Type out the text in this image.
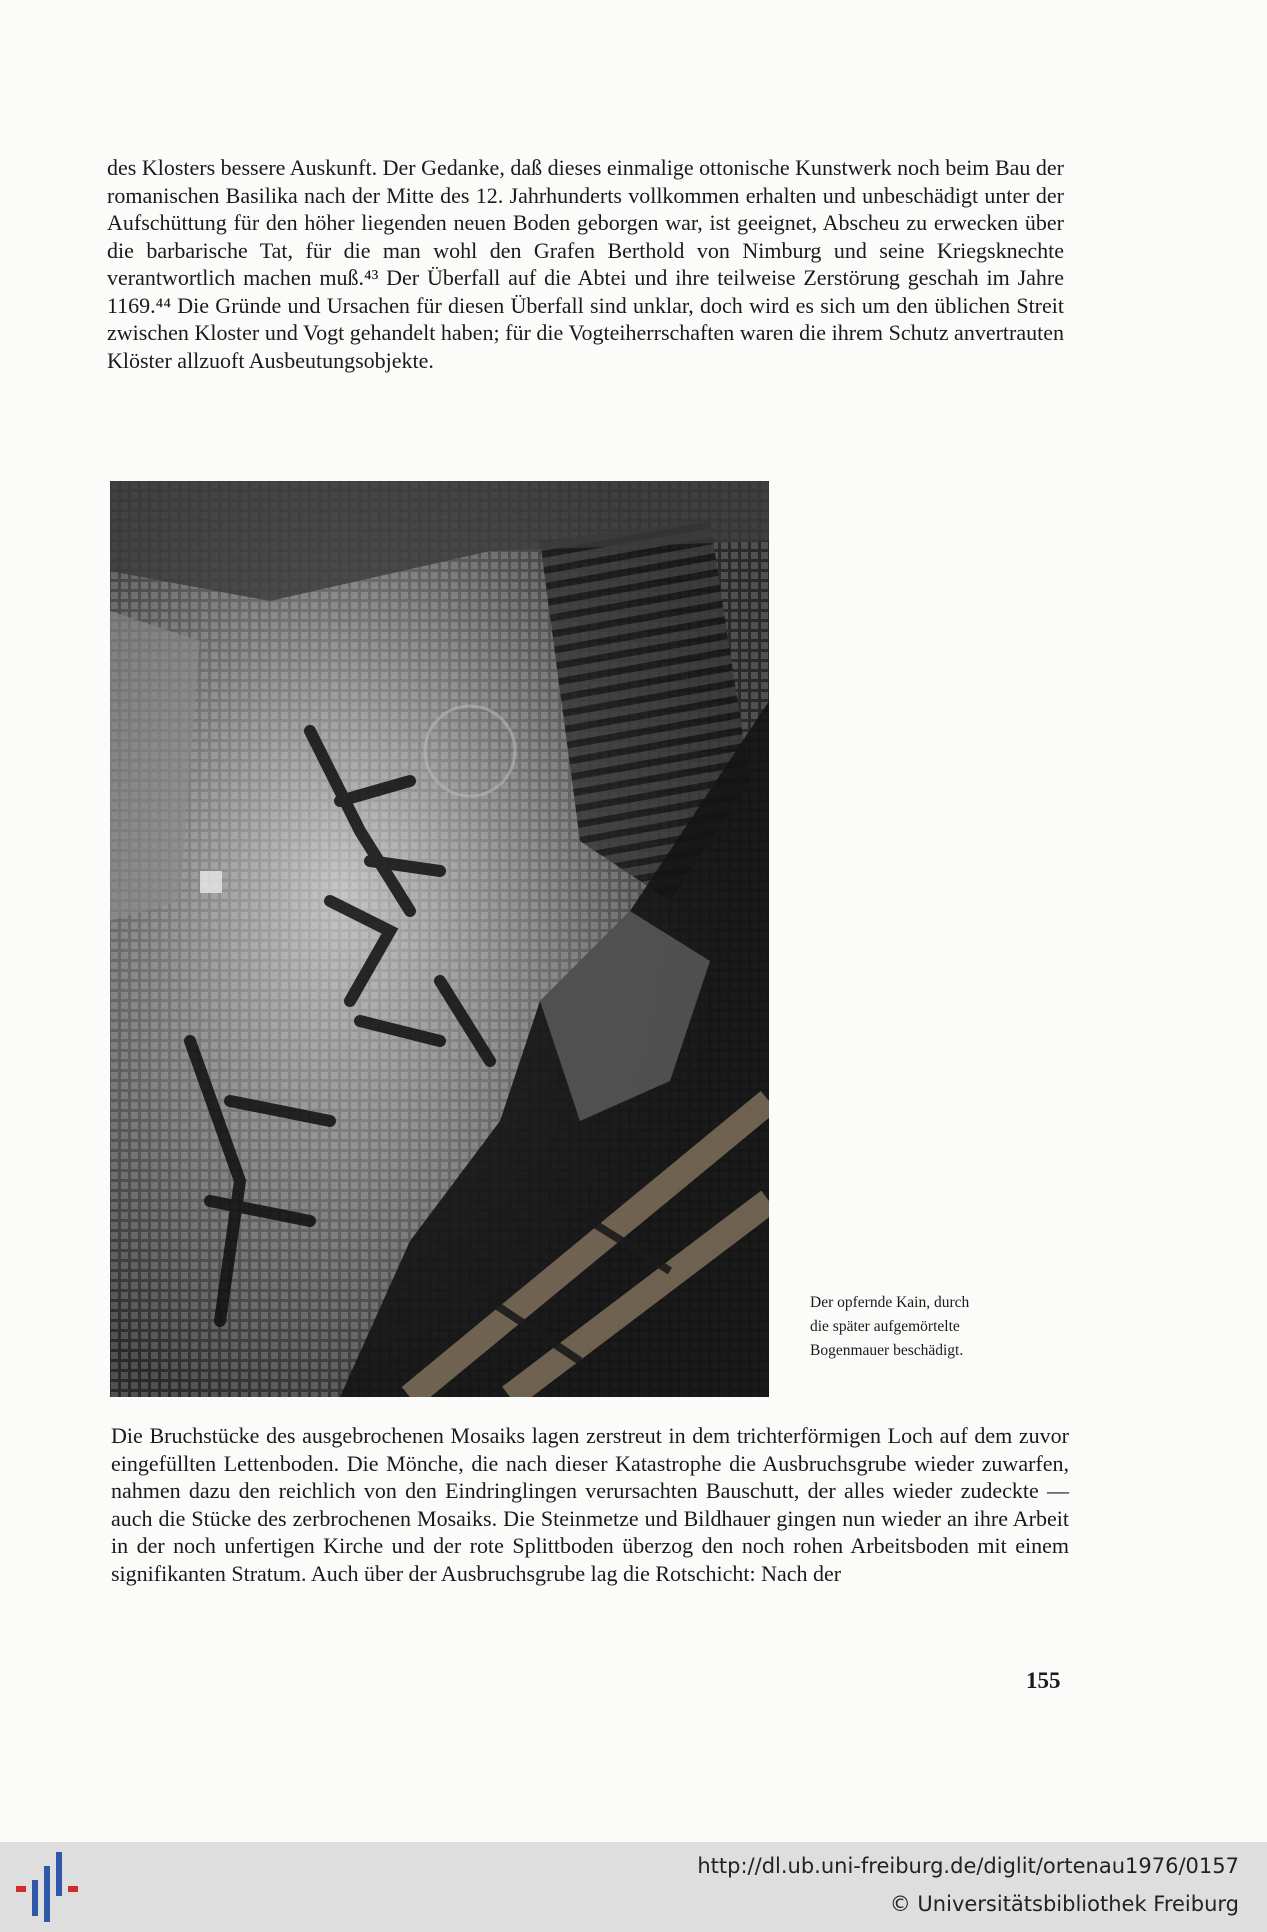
des Klosters bessere Auskunft. Der Gedanke, daß dieses einmalige ottonische Kunstwerk noch beim Bau der romanischen Basilika nach der Mitte des 12. Jahrhunderts vollkommen erhalten und unbeschädigt unter der Aufschüttung für den höher liegenden neuen Boden geborgen war, ist geeignet, Abscheu zu erwecken über die barbarische Tat, für die man wohl den Grafen Berthold von Nimburg und seine Kriegsknechte verantwortlich machen muß.⁴³ Der Überfall auf die Abtei und ihre teilweise Zerstörung geschah im Jahre 1169.⁴⁴ Die Gründe und Ursachen für diesen Überfall sind unklar, doch wird es sich um den üblichen Streit zwischen Kloster und Vogt gehandelt haben; für die Vogteiherrschaften waren die ihrem Schutz anvertrauten Klöster allzuoft Ausbeutungsobjekte.

Der opfernde Kain, durch
die später aufgemörtelte
Bogenmauer beschädigt.

Die Bruchstücke des ausgebrochenen Mosaiks lagen zerstreut in dem trichterförmigen Loch auf dem zuvor eingefüllten Lettenboden. Die Mönche, die nach dieser Katastrophe die Ausbruchsgrube wieder zuwarfen, nahmen dazu den reichlich von den Eindringlingen verursachten Bauschutt, der alles wieder zudeckte — auch die Stücke des zerbrochenen Mosaiks. Die Steinmetze und Bildhauer gingen nun wieder an ihre Arbeit in der noch unfertigen Kirche und der rote Splittboden überzog den noch rohen Arbeitsboden mit einem signifikanten Stratum. Auch über der Ausbruchsgrube lag die Rotschicht: Nach der

155
http://dl.ub.uni-freiburg.de/diglit/ortenau1976/0157
© Universitätsbibliothek Freiburg
